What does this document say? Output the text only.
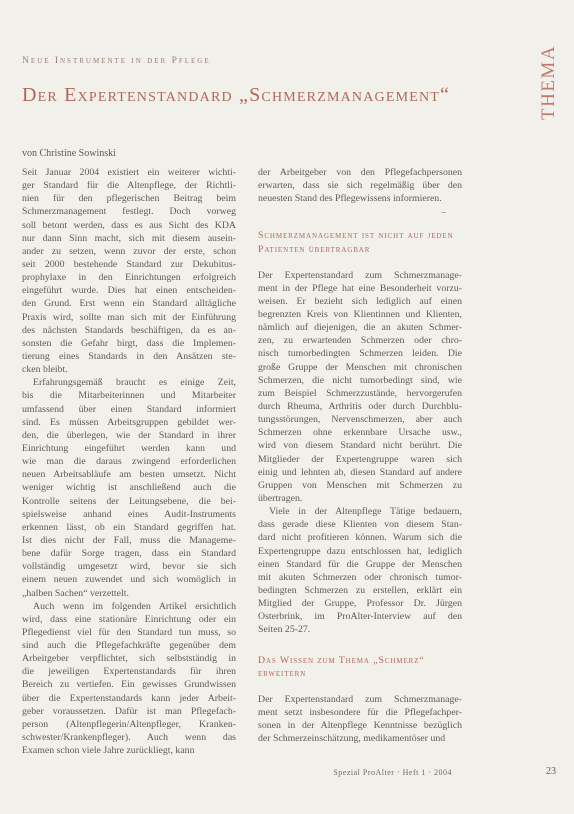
Neue Instrumente in der Pflege
Der Expertenstandard „Schmerzmanagement“	THEMA
von Christine Sowinski
Seit Januar 2004 existiert ein weiterer wichti-
ger Standard für die Altenpflege, der Richtli-
nien für den pflegerischen Beitrag beim
Schmerzmanagement festlegt. Doch vorweg
soll betont werden, dass es aus Sicht des KDA
nur dann Sinn macht, sich mit diesem ausein-
ander zu setzen, wenn zuvor der erste, schon
seit 2000 bestehende Standard zur Dekubitus-
prophylaxe in den Einrichtungen erfolgreich
eingeführt wurde. Dies hat einen entscheiden-
den Grund. Erst wenn ein Standard alltägliche
Praxis wird, sollte man sich mit der Einführung
des nächsten Standards beschäftigen, da es an-
sonsten die Gefahr birgt, dass die Implemen-
tierung eines Standards in den Ansätzen ste-
cken bleibt.
Erfahrungsgemäß braucht es einige Zeit,
bis die Mitarbeiterinnen und Mitarbeiter
umfassend über einen Standard informiert
sind. Es müssen Arbeitsgruppen gebildet wer-
den, die überlegen, wie der Standard in ihrer
Einrichtung eingeführt werden kann und
wie man die daraus zwingend erforderlichen
neuen Arbeitsabläufe am besten umsetzt. Nicht
weniger wichtig ist anschließend auch die
Kontrolle seitens der Leitungsebene, die bei-
spielsweise anhand eines Audit-Instruments
erkennen lässt, ob ein Standard gegriffen hat.
Ist dies nicht der Fall, muss die Manageme-
bene dafür Sorge tragen, dass ein Standard
vollständig umgesetzt wird, bevor sie sich
einem neuen zuwendet und sich womöglich in
„halben Sachen“ verzettelt.
Auch wenn im folgenden Artikel ersichtlich
wird, dass eine stationäre Einrichtung oder ein
Pflegedienst viel für den Standard tun muss, so
sind auch die Pflegefachkräfte gegenüber dem
Arbeitgeber verpflichtet, sich selbstständig in
die jeweiligen Expertenstandards für ihren
Bereich zu vertiefen. Ein gewisses Grundwissen
über die Expertenstandards kann jeder Arbeit-
geber voraussetzen. Dafür ist man Pflegefach-
person (Altenpflegerin/Altenpfleger, Kranken-
schwester/Krankenpfleger). Auch wenn das
Examen schon viele Jahre zurückliegt, kann
der Arbeitgeber von den Pflegefachpersonen
erwarten, dass sie sich regelmäßig über den
neuesten Stand des Pflegewissens informieren.
–
Schmerzmanagement ist nicht auf jeden
Patienten übertragbar
Der Expertenstandard zum Schmerzmanage-
ment in der Pflege hat eine Besonderheit vorzu-
weisen. Er bezieht sich lediglich auf einen
begrenzten Kreis von Klientinnen und Klienten,
nämlich auf diejenigen, die an akuten Schmer-
zen, zu erwartenden Schmerzen oder chro-
nisch tumorbedingten Schmerzen leiden. Die
große Gruppe der Menschen mit chronischen
Schmerzen, die nicht tumorbedingt sind, wie
zum Beispiel Schmerzzustände, hervorgerufen
durch Rheuma, Arthritis oder durch Durchblu-
tungsstörungen, Nervenschmerzen, aber auch
Schmerzen ohne erkennbare Ursache usw.,
wird von diesem Standard nicht berührt. Die
Mitglieder der Expertengruppe waren sich
einig und lehnten ab, diesen Standard auf andere
Gruppen von Menschen mit Schmerzen zu
übertragen.
Viele in der Altenpflege Tätige bedauern,
dass gerade diese Klienten von diesem Stan-
dard nicht profitieren können. Warum sich die
Expertengruppe dazu entschlossen hat, lediglich
einen Standard für die Gruppe der Menschen
mit akuten Schmerzen oder chronisch tumor-
bedingten Schmerzen zu erstellen, erklärt ein
Mitglied der Gruppe, Professor Dr. Jürgen
Osterbrink, im ProAlter-Interview auf den
Seiten 25-27.
Das Wissen zum Thema „Schmerz“
erweitern
Der Expertenstandard zum Schmerzmanage-
ment setzt insbesondere für die Pflegefachper-
sonen in der Altenpflege Kenntnisse bezüglich
der Schmerzeinschätzung, medikamentöser und
Spezial ProAlter · Heft 1 · 2004	23
